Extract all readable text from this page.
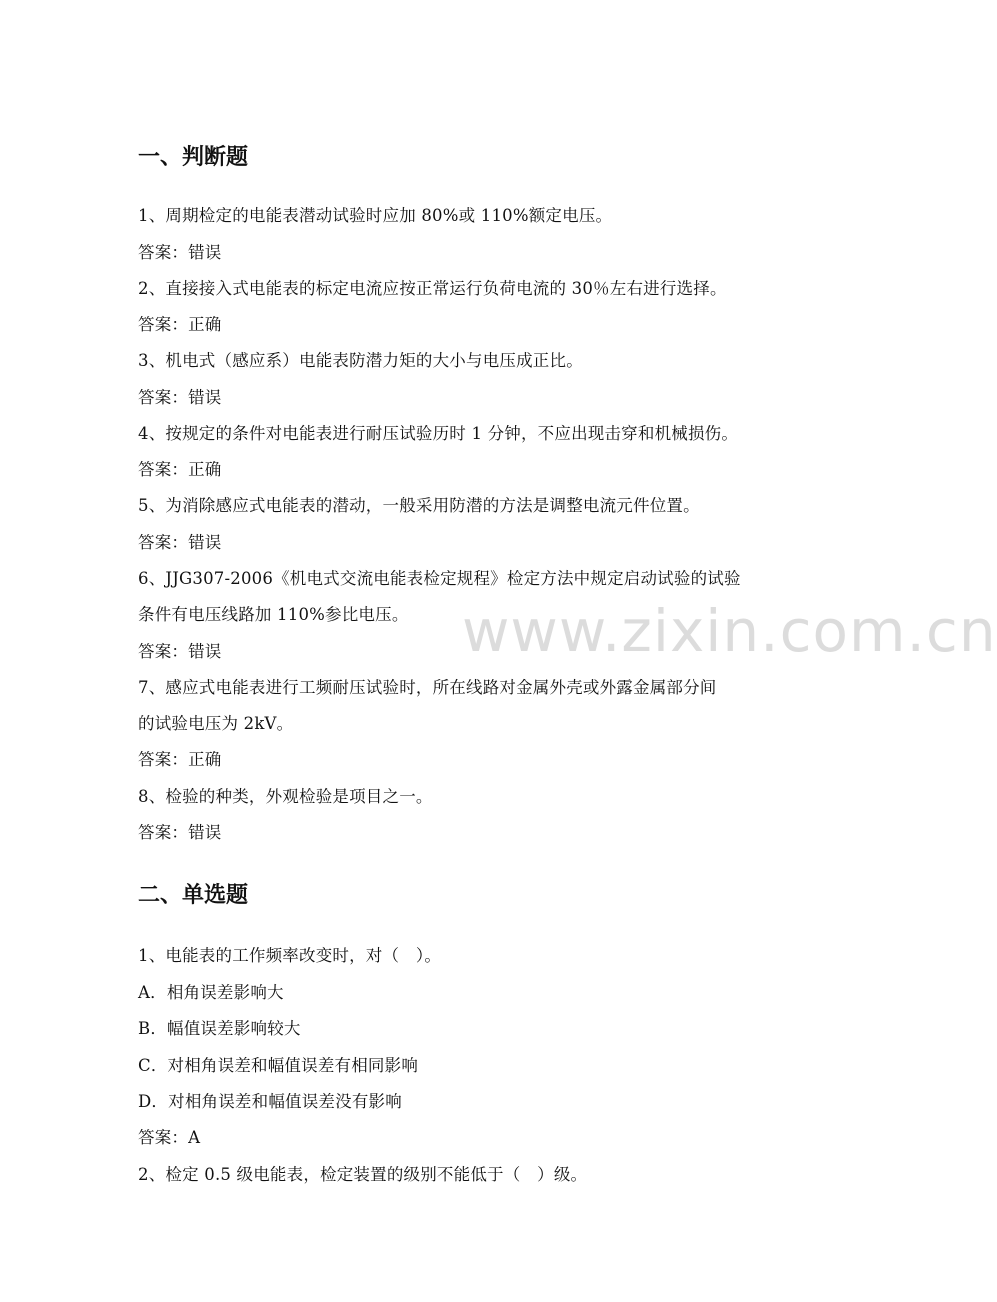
www.zixin.com.cn
一、判断题
1、周期检定的电能表潜动试验时应加 80%或 110%额定电压。
答案：错误
2、直接接入式电能表的标定电流应按正常运行负荷电流的 30％左右进行选择。
答案：正确
3、机电式（感应系）电能表防潜力矩的大小与电压成正比。
答案：错误
4、按规定的条件对电能表进行耐压试验历时 1 分钟，不应出现击穿和机械损伤。
答案：正确
5、为消除感应式电能表的潜动，一般采用防潜的方法是调整电流元件位置。
答案：错误
6、JJG307-2006《机电式交流电能表检定规程》检定方法中规定启动试验的试验
条件有电压线路加 110%参比电压。
答案：错误
7、感应式电能表进行工频耐压试验时，所在线路对金属外壳或外露金属部分间
的试验电压为 2kV。
答案：正确
8、检验的种类，外观检验是项目之一。
答案：错误
二、单选题
1、电能表的工作频率改变时，对（　）。
A．相角误差影响大
B．幅值误差影响较大
C．对相角误差和幅值误差有相同影响
D．对相角误差和幅值误差没有影响
答案：A
2、检定 0.5 级电能表，检定装置的级别不能低于（　）级。
